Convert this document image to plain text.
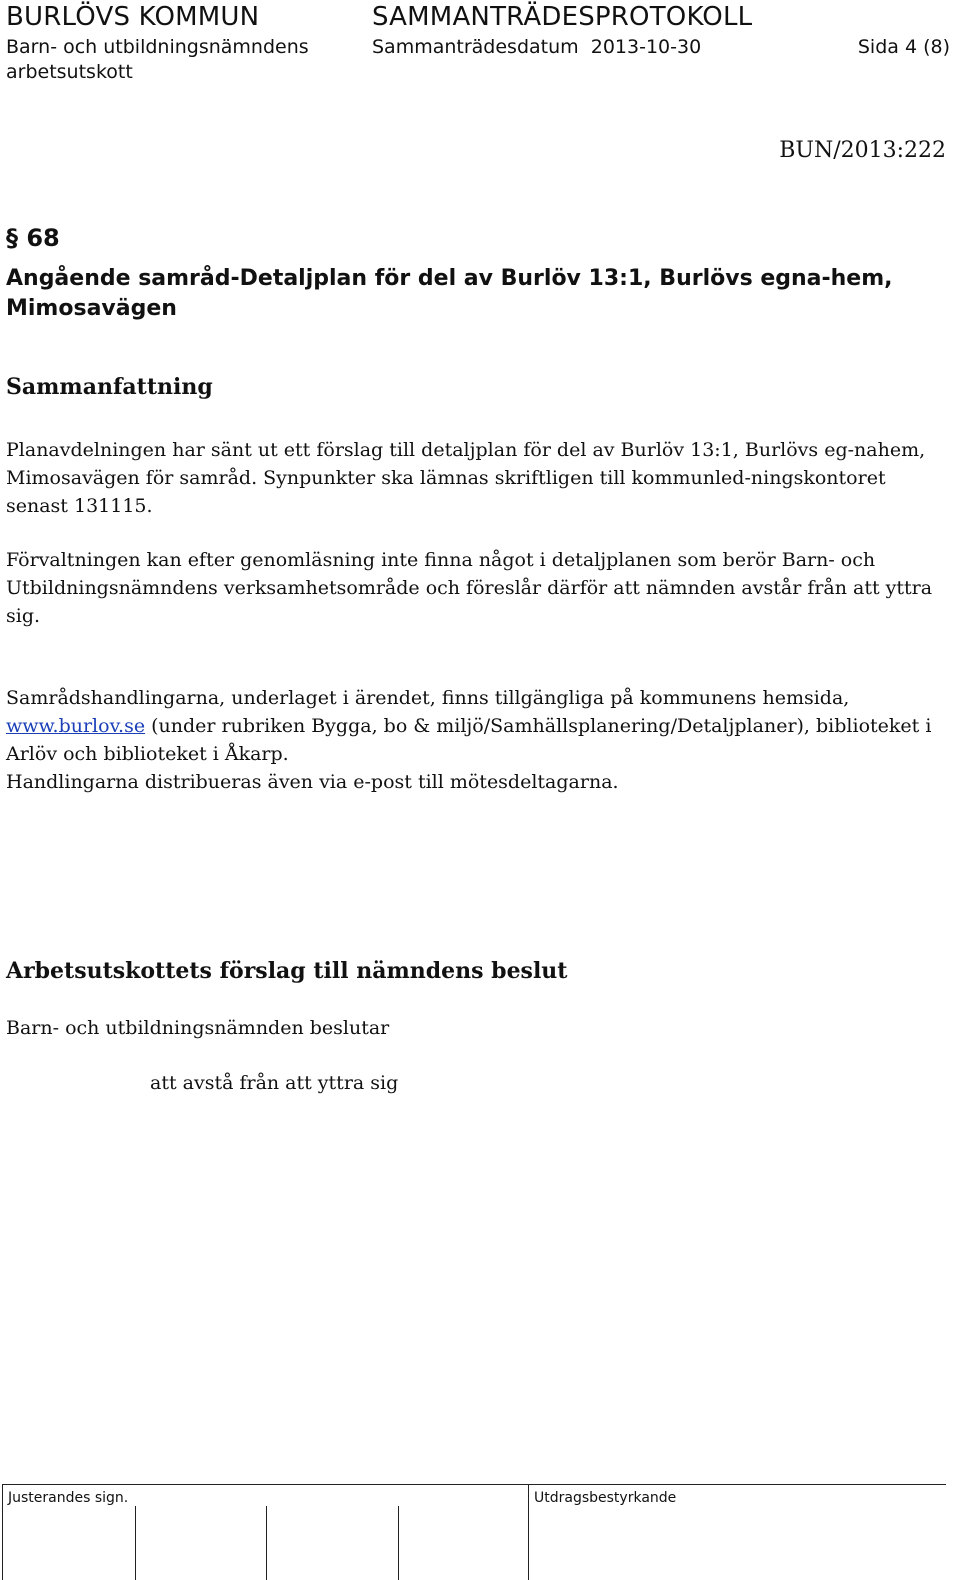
BURLÖVS KOMMUN	SAMMANTRÄDESPROTOKOLL
Barn- och utbildningsnämndens
arbetsutskott
Sammanträdesdatum  2013-10-30	Sida 4 (8)
BUN/2013:222
§ 68
Angående samråd-Detaljplan för del av Burlöv 13:1, Burlövs egna-hem, Mimosavägen
Sammanfattning
Planavdelningen har sänt ut ett förslag till detaljplan för del av Burlöv 13:1, Burlövs eg-nahem, Mimosavägen för samråd. Synpunkter ska lämnas skriftligen till kommunled-ningskontoret senast 131115.
Förvaltningen kan efter genomläsning inte finna något i detaljplanen som berör Barn- och Utbildningsnämndens verksamhetsområde och föreslår därför att nämnden avstår från att yttra sig.
Samrådshandlingarna, underlaget i ärendet, finns tillgängliga på kommunens hemsida, www.burlov.se (under rubriken Bygga, bo & miljö/Samhällsplanering/Detaljplaner), biblioteket i Arlöv och biblioteket i Åkarp.
Handlingarna distribueras även via e-post till mötesdeltagarna.
Arbetsutskottets förslag till nämndens beslut
Barn- och utbildningsnämnden beslutar
att avstå från att yttra sig
Justerandes sign.	Utdragsbestyrkande
